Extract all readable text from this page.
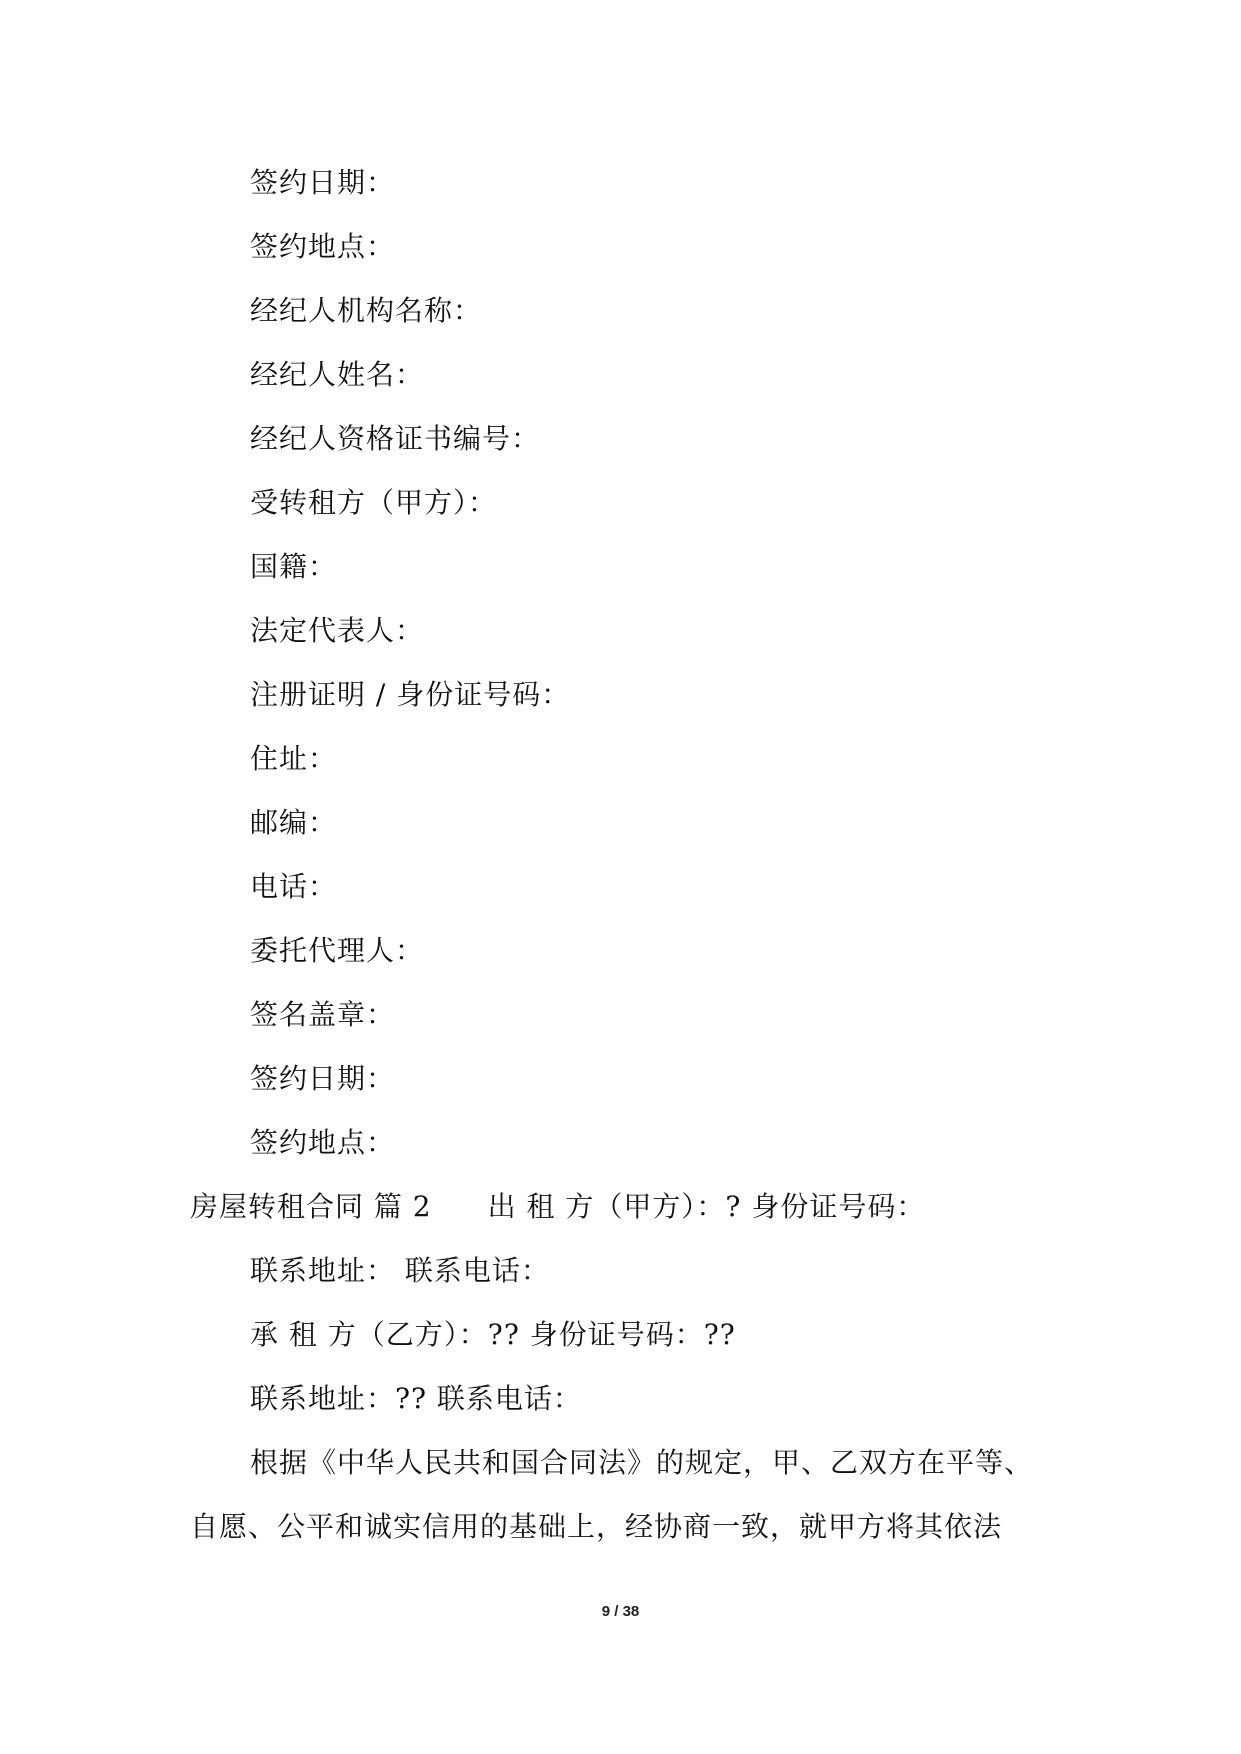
签约日期：
签约地点：
经纪人机构名称：
经纪人姓名：
经纪人资格证书编号：
受转租方（甲方）：
国籍：
法定代表人：
注册证明 / 身份证号码：
住址：
邮编：
电话：
委托代理人：
签名盖章：
签约日期：
签约地点：
房屋转租合同 篇 2 出 租 方（甲方）：? 身份证号码：
联系地址： 联系电话：
承 租 方（乙方）：?? 身份证号码：??
联系地址：?? 联系电话：
根据《中华人民共和国合同法》的规定，甲、乙双方在平等、
自愿、公平和诚实信用的基础上，经协商一致，就甲方将其依法
9 / 38
